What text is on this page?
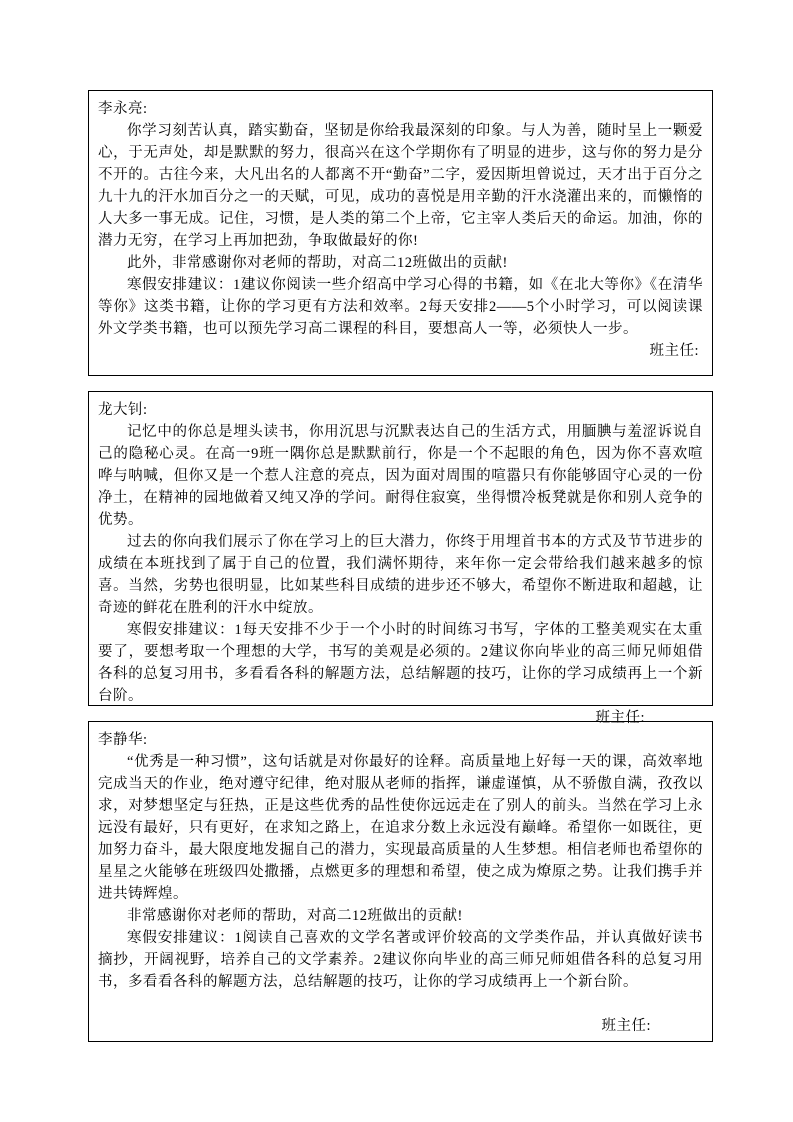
李永亮:

你学习刻苦认真，踏实勤奋，坚韧是你给我最深刻的印象。与人为善，随时呈上一颗爱心，于无声处，却是默默的努力，很高兴在这个学期你有了明显的进步，这与你的努力是分不开的。古往今来，大凡出名的人都离不开“勤奋”二字，爱因斯坦曾说过，天才出于百分之九十九的汗水加百分之一的天赋，可见，成功的喜悦是用辛勤的汗水浇灌出来的，而懒惰的人大多一事无成。记住，习惯，是人类的第二个上帝，它主宰人类后天的命运。加油，你的潜力无穷，在学习上再加把劲，争取做最好的你!

此外，非常感谢你对老师的帮助，对高二12班做出的贡献!

寒假安排建议：1建议你阅读一些介绍高中学习心得的书籍，如《在北大等你》《在清华等你》这类书籍，让你的学习更有方法和效率。2每天安排2——5个小时学习，可以阅读课外文学类书籍，也可以预先学习高二课程的科目，要想高人一等，必须快人一步。

班主任:
龙大钊:

记忆中的你总是埋头读书，你用沉思与沉默表达自己的生活方式，用腼腆与羞涩诉说自己的隐秘心灵。在高一9班一隅你总是默默前行，你是一个不起眼的角色，因为你不喜欢喧哗与呐喊，但你又是一个惹人注意的亮点，因为面对周围的喧嚣只有你能够固守心灵的一份净土，在精神的园地做着又纯又净的学问。耐得住寂寞，坐得惯冷板凳就是你和别人竞争的优势。

过去的你向我们展示了你在学习上的巨大潜力，你终于用埋首书本的方式及节节进步的成绩在本班找到了属于自己的位置，我们满怀期待，来年你一定会带给我们越来越多的惊喜。当然，劣势也很明显，比如某些科目成绩的进步还不够大，希望你不断进取和超越，让奇迹的鲜花在胜利的汗水中绽放。

寒假安排建议：1每天安排不少于一个小时的时间练习书写，字体的工整美观实在太重要了，要想考取一个理想的大学，书写的美观是必须的。2建议你向毕业的高三师兄师姐借各科的总复习用书，多看看各科的解题方法，总结解题的技巧，让你的学习成绩再上一个新台阶。

班主任:
李静华:

“优秀是一种习惯”，这句话就是对你最好的诠释。高质量地上好每一天的课，高效率地完成当天的作业，绝对遵守纪律，绝对服从老师的指挥，谦虚谨慎，从不骄傲自满，孜孜以求，对梦想坚定与狂热，正是这些优秀的品性使你远远走在了别人的前头。当然在学习上永远没有最好，只有更好，在求知之路上，在追求分数上永远没有巅峰。希望你一如既往，更加努力奋斗，最大限度地发掘自己的潜力，实现最高质量的人生梦想。相信老师也希望你的星星之火能够在班级四处撒播，点燃更多的理想和希望，使之成为燎原之势。让我们携手并进共铸辉煌。

非常感谢你对老师的帮助，对高二12班做出的贡献!

寒假安排建议：1阅读自己喜欢的文学名著或评价较高的文学类作品，并认真做好读书摘抄，开阔视野，培养自己的文学素养。2建议你向毕业的高三师兄师姐借各科的总复习用书，多看看各科的解题方法，总结解题的技巧，让你的学习成绩再上一个新台阶。

班主任:
